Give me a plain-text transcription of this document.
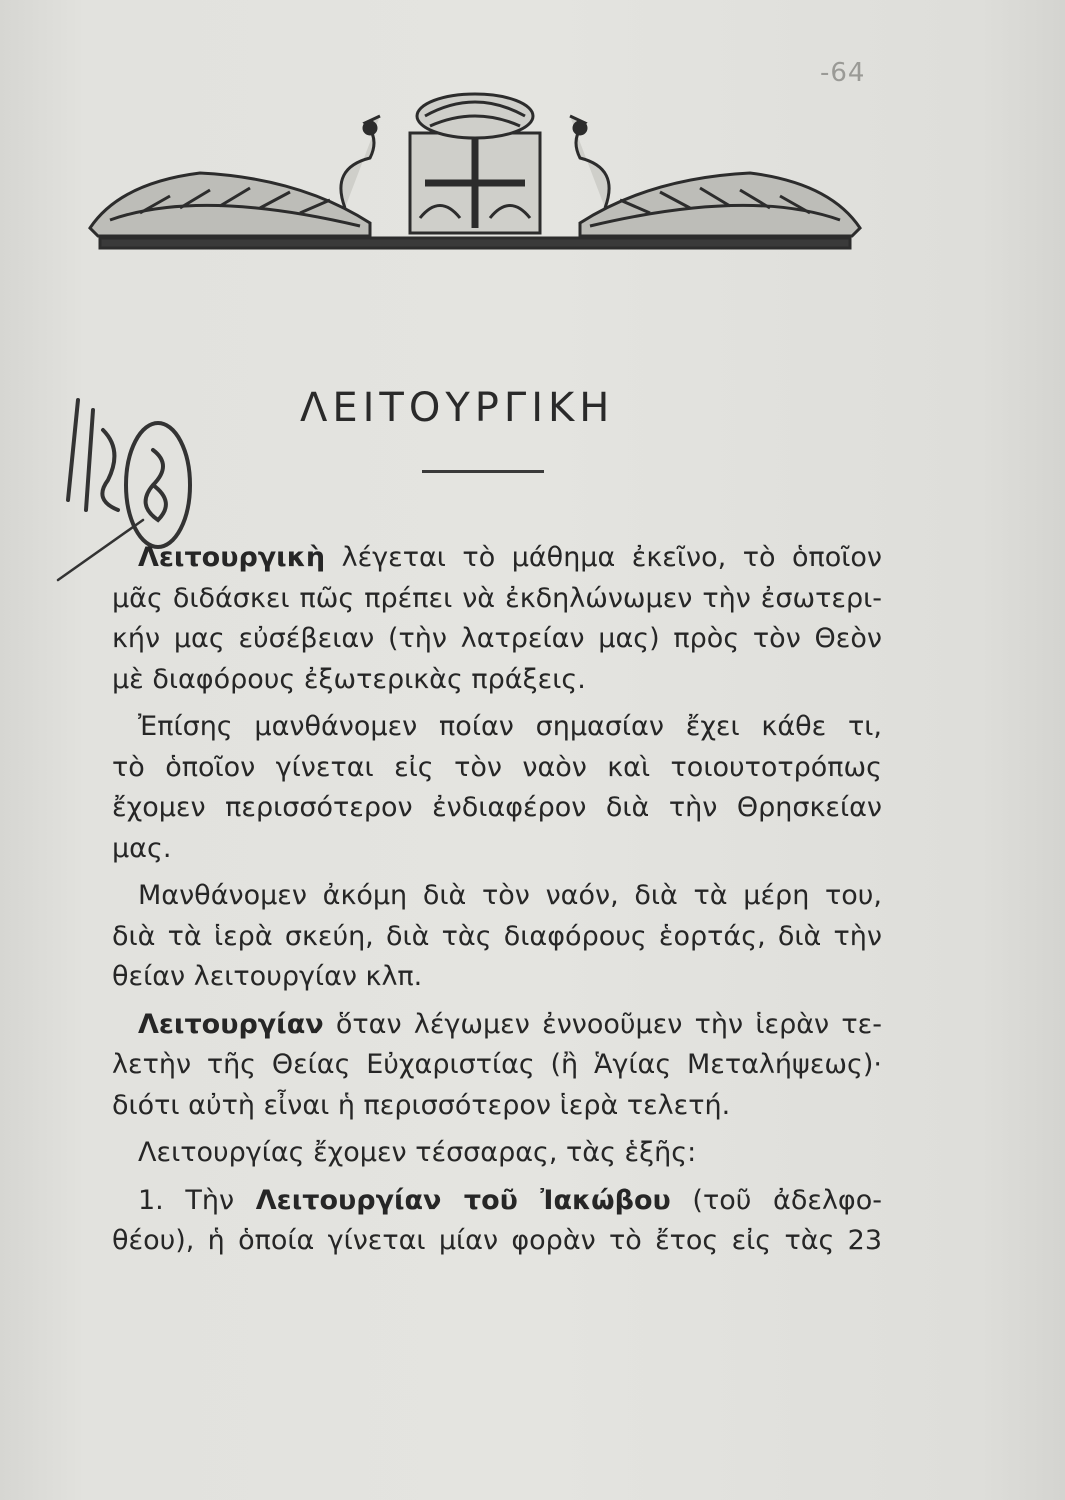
-64
ΛΕΙΤΟΥΡΓΙΚΗ
Λειτουργικὴ λέγεται τὸ μάθημα ἐκεῖνο, τὸ ὁποῖον
μᾶς διδάσκει πῶς πρέπει νὰ ἐκδηλώνωμεν τὴν ἐσωτερι-
κήν μας εὐσέβειαν (τὴν λατρείαν μας) πρὸς τὸν Θεὸν
μὲ διαφόρους ἐξωτερικὰς πράξεις.
Ἐπίσης μανθάνομεν ποίαν σημασίαν ἔχει κάθε τι,
τὸ ὁποῖον γίνεται εἰς τὸν ναὸν καὶ τοιουτοτρόπως
ἔχομεν περισσότερον ἐνδιαφέρον διὰ τὴν Θρησκείαν
μας.
Μανθάνομεν ἀκόμη διὰ τὸν ναόν, διὰ τὰ μέρη του,
διὰ τὰ ἱερὰ σκεύη, διὰ τὰς διαφόρους ἑορτάς, διὰ τὴν
θείαν λειτουργίαν κλπ.
Λειτουργίαν ὅταν λέγωμεν ἐννοοῦμεν τὴν ἱερὰν τε-
λετὴν τῆς Θείας Εὐχαριστίας (ἢ Ἁγίας Μεταλήψεως)·
διότι αὐτὴ εἶναι ἡ περισσότερον ἱερὰ τελετή.
Λειτουργίας ἔχομεν τέσσαρας, τὰς ἑξῆς:
1. Τὴν Λειτουργίαν τοῦ Ἰακώβου (τοῦ ἀδελφο-
θέου), ἡ ὁποία γίνεται μίαν φορὰν τὸ ἔτος εἰς τὰς 23
